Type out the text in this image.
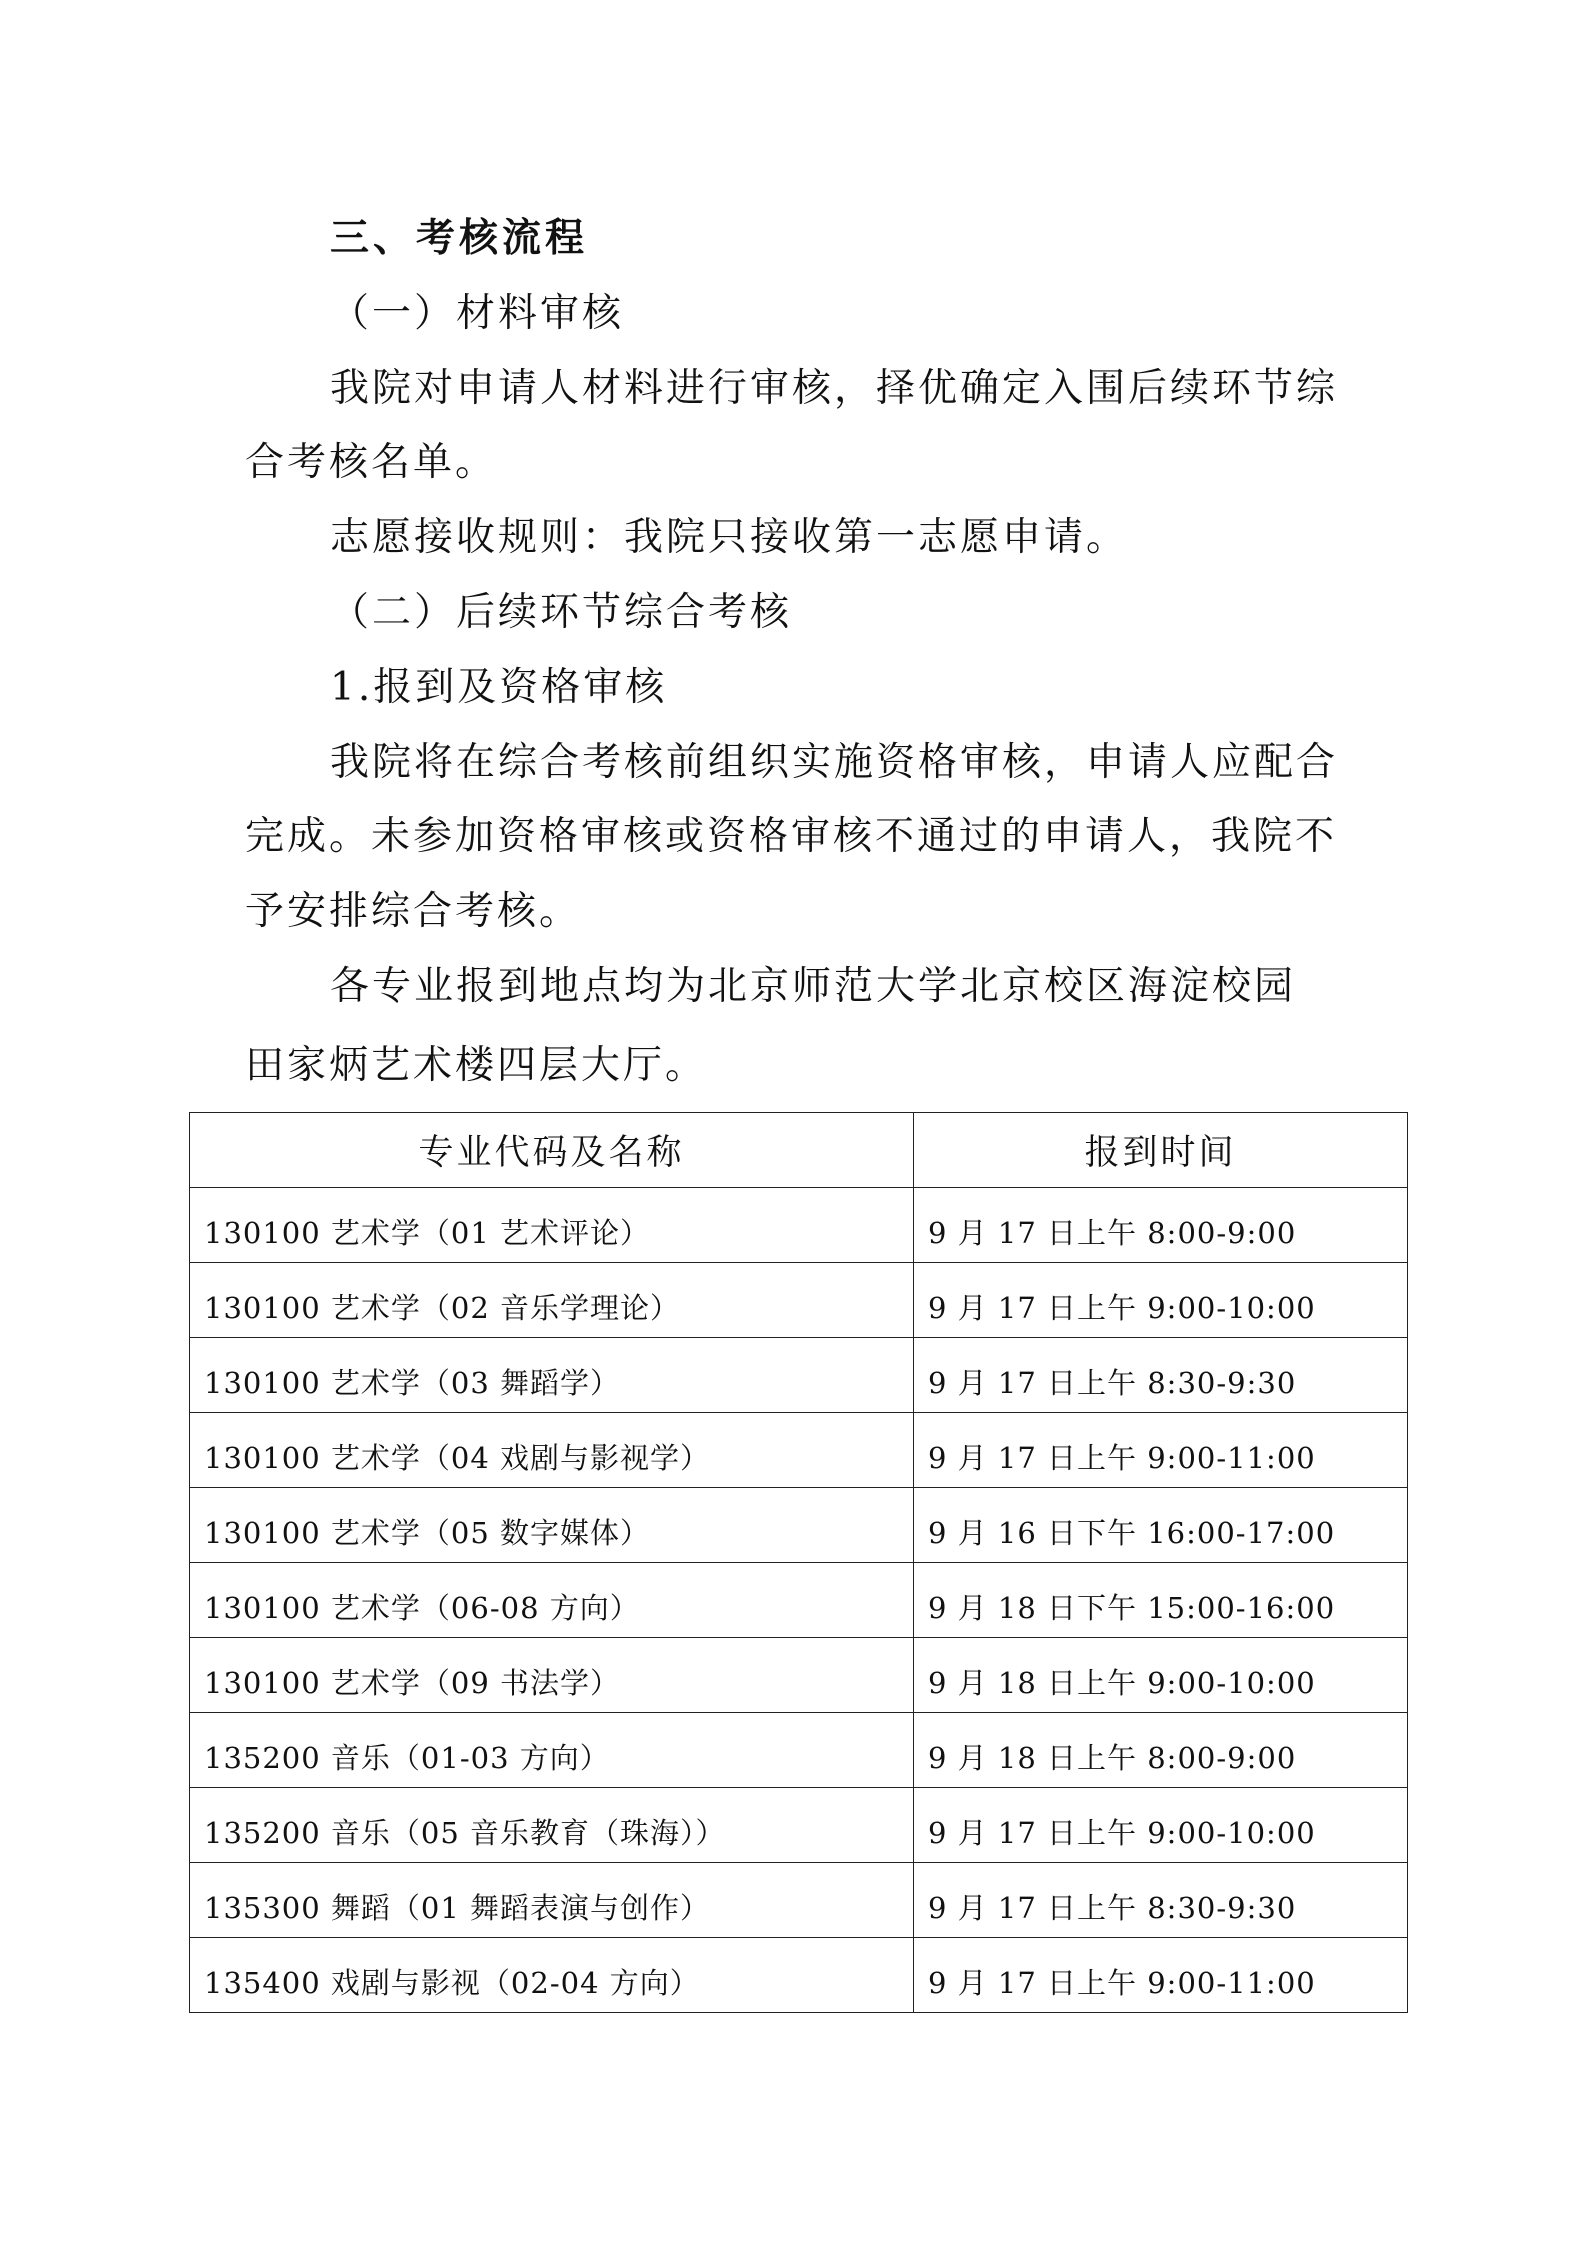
三、考核流程
（一）材料审核
我院对申请人材料进行审核，择优确定入围后续环节综
合考核名单。
志愿接收规则：我院只接收第一志愿申请。
（二）后续环节综合考核
1.报到及资格审核
我院将在综合考核前组织实施资格审核，申请人应配合
完成。未参加资格审核或资格审核不通过的申请人，我院不
予安排综合考核。
各专业报到地点均为北京师范大学北京校区海淀校园
田家炳艺术楼四层大厅。
专业代码及名称	报到时间
130100 艺术学（01 艺术评论）	9 月 17 日上午 8:00-9:00
130100 艺术学（02 音乐学理论）	9 月 17 日上午 9:00-10:00
130100 艺术学（03 舞蹈学）	9 月 17 日上午 8:30-9:30
130100 艺术学（04 戏剧与影视学）	9 月 17 日上午 9:00-11:00
130100 艺术学（05 数字媒体）	9 月 16 日下午 16:00-17:00
130100 艺术学（06-08 方向）	9 月 18 日下午 15:00-16:00
130100 艺术学（09 书法学）	9 月 18 日上午 9:00-10:00
135200 音乐（01-03 方向）	9 月 18 日上午 8:00-9:00
135200 音乐（05 音乐教育（珠海））	9 月 17 日上午 9:00-10:00
135300 舞蹈（01 舞蹈表演与创作）	9 月 17 日上午 8:30-9:30
135400 戏剧与影视（02-04 方向）	9 月 17 日上午 9:00-11:00
